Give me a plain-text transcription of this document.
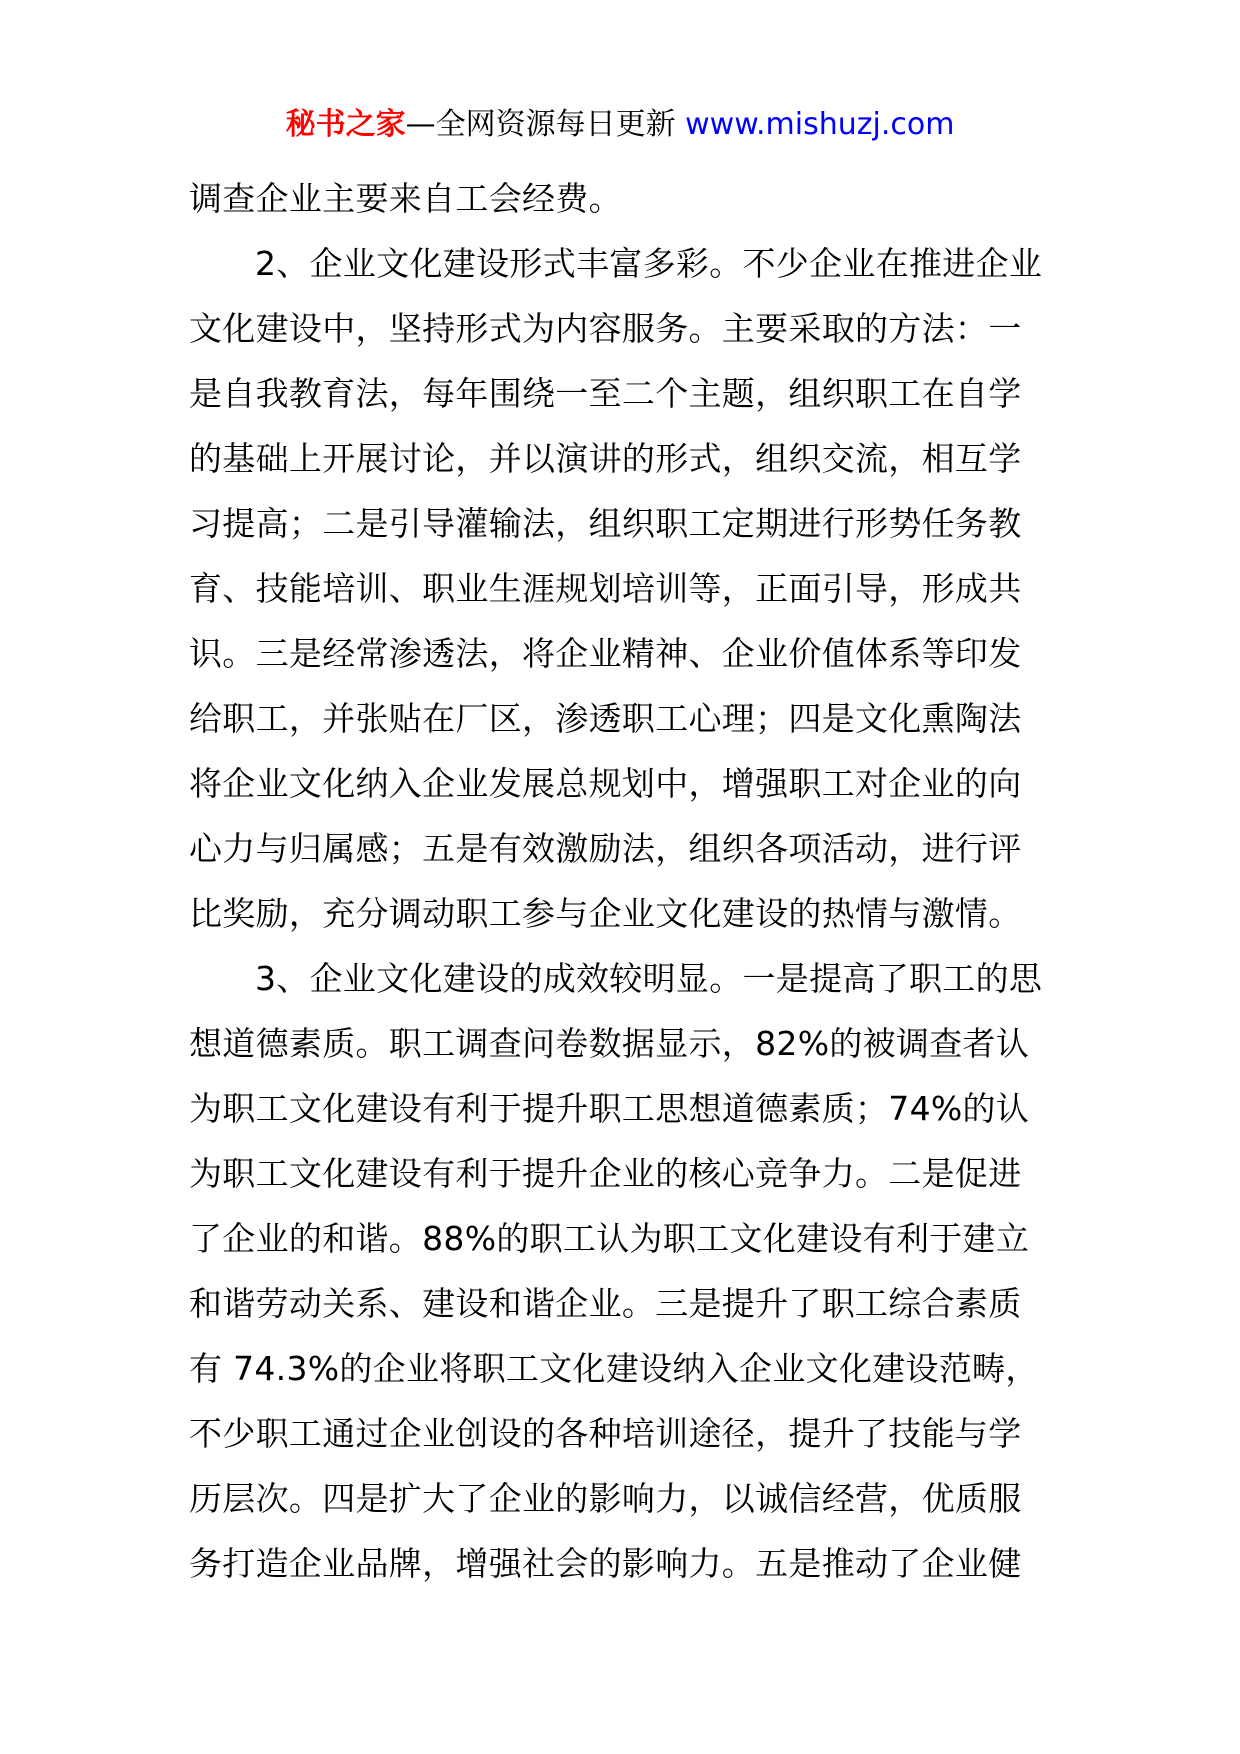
秘书之家—全网资源每日更新 www.mishuzj.com

调查企业主要来自工会经费。

2、企业文化建设形式丰富多彩。不少企业在推进企业
文化建设中，坚持形式为内容服务。主要采取的方法：一
是自我教育法，每年围绕一至二个主题，组织职工在自学
的基础上开展讨论，并以演讲的形式，组织交流，相互学
习提高；二是引导灌输法，组织职工定期进行形势任务教
育、技能培训、职业生涯规划培训等，正面引导，形成共
识。三是经常渗透法，将企业精神、企业价值体系等印发
给职工，并张贴在厂区，渗透职工心理；四是文化熏陶法
将企业文化纳入企业发展总规划中，增强职工对企业的向
心力与归属感；五是有效激励法，组织各项活动，进行评
比奖励，充分调动职工参与企业文化建设的热情与激情。

3、企业文化建设的成效较明显。一是提高了职工的思
想道德素质。职工调查问卷数据显示，82%的被调查者认
为职工文化建设有利于提升职工思想道德素质；74%的认
为职工文化建设有利于提升企业的核心竞争力。二是促进
了企业的和谐。88%的职工认为职工文化建设有利于建立
和谐劳动关系、建设和谐企业。三是提升了职工综合素质
有 74.3%的企业将职工文化建设纳入企业文化建设范畴，
不少职工通过企业创设的各种培训途径，提升了技能与学
历层次。四是扩大了企业的影响力，以诚信经营，优质服
务打造企业品牌，增强社会的影响力。五是推动了企业健
